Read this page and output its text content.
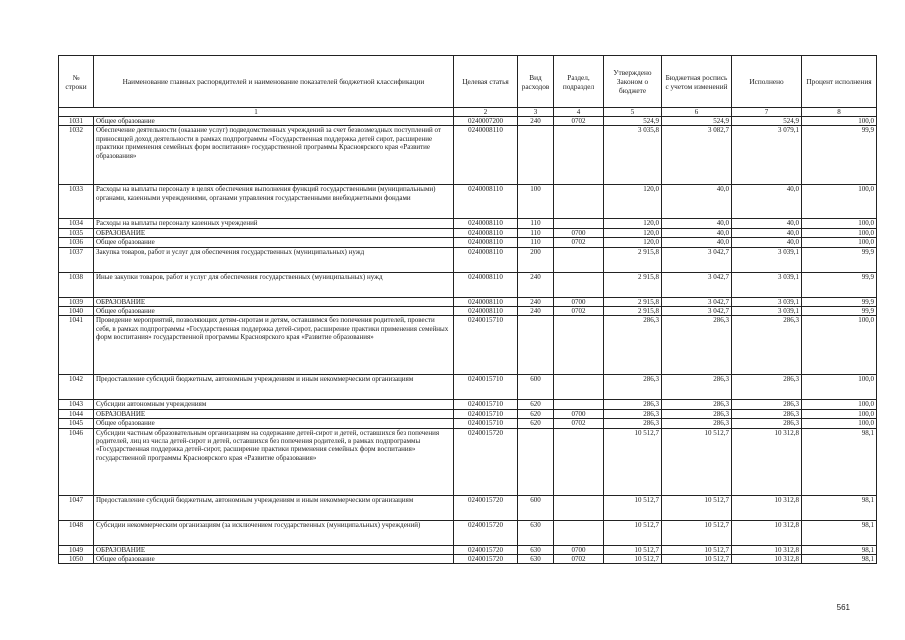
№ строки	Наименование главных распорядителей и наименование показателей бюджетной классификации	Целевая статья	Вид расходов	Раздел, подраздел	Утверждено Законом о бюджете	Бюджетная роспись с учетом изменений	Исполнено	Процент исполнения
1		2	3	4	5	6	7	8
1031	Общее образование	0240007200	240	0702	524,9	524,9	524,9	100,0
1032	Обеспечение деятельности (оказание услуг) подведомственных учреждений за счет безвозмездных поступлений от приносящей доход деятельности в рамках подпрограммы «Государственная поддержка детей сирот, расширение практики применения семейных форм воспитания» государственной программы Красноярского края «Развитие образования»	0240008110			3 035,8	3 082,7	3 079,1	99,9
1033	Расходы на выплаты персоналу в целях обеспечения выполнения функций государственными (муниципальными) органами, казенными учреждениями, органами управления государственными внебюджетными фондами	0240008110	100		120,0	40,0	40,0	100,0
1034	Расходы на выплаты персоналу казенных учреждений	0240008110	110		120,0	40,0	40,0	100,0
1035	ОБРАЗОВАНИЕ	0240008110	110	0700	120,0	40,0	40,0	100,0
1036	Общее образование	0240008110	110	0702	120,0	40,0	40,0	100,0
1037	Закупка товаров, работ и услуг для обеспечения государственных (муниципальных) нужд	0240008110	200		2 915,8	3 042,7	3 039,1	99,9
1038	Иные закупки товаров, работ и услуг для обеспечения государственных (муниципальных) нужд	0240008110	240		2 915,8	3 042,7	3 039,1	99,9
1039	ОБРАЗОВАНИЕ	0240008110	240	0700	2 915,8	3 042,7	3 039,1	99,9
1040	Общее образование	0240008110	240	0702	2 915,8	3 042,7	3 039,1	99,9
1041	Проведение мероприятий, позволяющих детям-сиротам и детям, оставшимся без попечения родителей, провести себя, в рамках подпрограммы «Государственная поддержка детей-сирот, расширение практики применения семейных форм воспитания» государственной программы Красноярского края «Развитие образования»	0240015710			286,3	286,3	286,3	100,0
1042	Предоставление субсидий бюджетным, автономным учреждениям и иным некоммерческим организациям	0240015710	600		286,3	286,3	286,3	100,0
1043	Субсидии автономным учреждениям	0240015710	620		286,3	286,3	286,3	100,0
1044	ОБРАЗОВАНИЕ	0240015710	620	0700	286,3	286,3	286,3	100,0
1045	Общее образование	0240015710	620	0702	286,3	286,3	286,3	100,0
1046	Субсидии частным образовательным организациям на содержание детей-сирот и детей, оставшихся без попечения родителей, лиц из числа детей-сирот и детей, оставшихся без попечения родителей, в рамках подпрограммы «Государственная поддержка детей-сирот, расширение практики применения семейных форм воспитания» государственной программы Красноярского края «Развитие образования»	0240015720			10 512,7	10 512,7	10 312,8	98,1
1047	Предоставление субсидий бюджетным, автономным учреждениям и иным некоммерческим организациям	0240015720	600		10 512,7	10 512,7	10 312,8	98,1
1048	Субсидии некоммерческим организациям (за исключением государственных (муниципальных) учреждений)	0240015720	630		10 512,7	10 512,7	10 312,8	98,1
1049	ОБРАЗОВАНИЕ	0240015720	630	0700	10 512,7	10 512,7	10 312,8	98,1
1050	Общее образование	0240015720	630	0702	10 512,7	10 512,7	10 312,8	98,1
561
